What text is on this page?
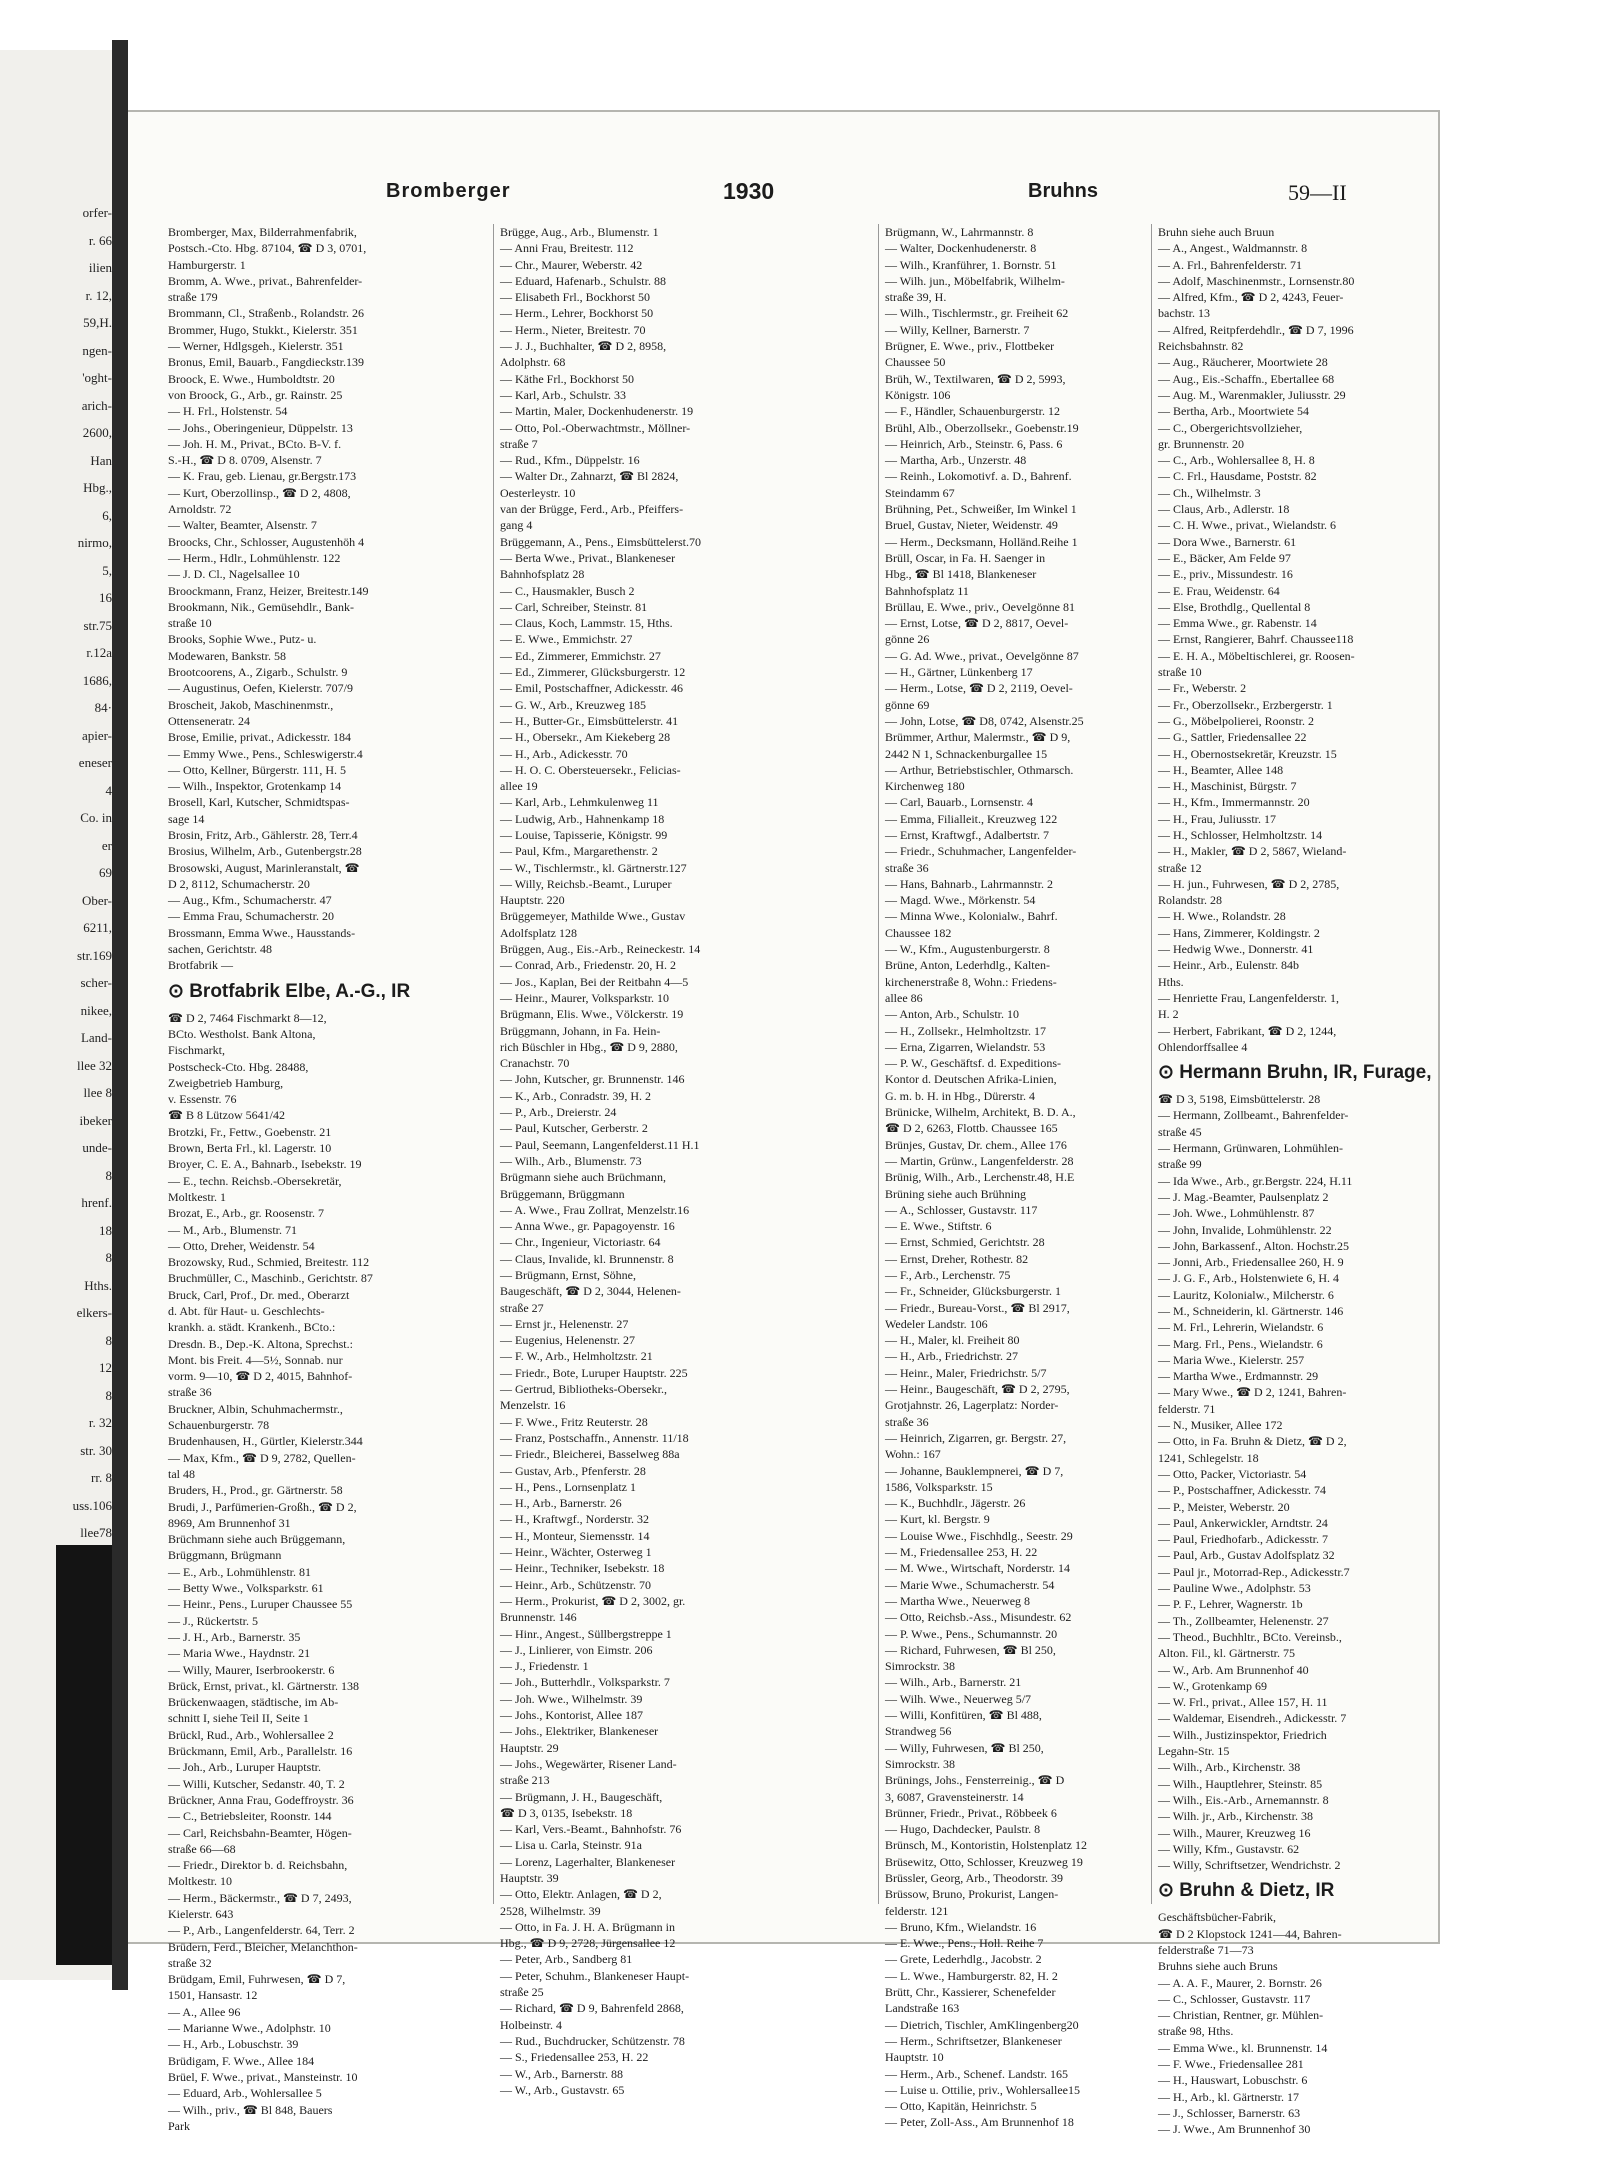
orfer-
r. 66
ilien
r. 12,
59,H.
ngen-
'oght-
arich-
2600,
Han
Hbg.,
6,
nirmo,
5,
16
str.75
r.12a
1686,
84·
apier-
eneser
4
Co. in
er
69
Ober-
6211,
str.169
scher-
nikee,
Land-
llee 32
llee 8
ibeker
unde-
8
hrenf.
18
8
Hths.
elkers-
8
12
8
r. 32
str. 30
rr. 8
uss.106
llee78
Bromberger	1930	Bruhns	59—II
Bromberger, Max, Bilderrahmenfabrik,
Postsch.-Cto. Hbg. 87104, ☎ D 3, 0701,
Hamburgerstr. 1
Bromm, A. Wwe., privat., Bahrenfelder-
straße 179
Brommann, Cl., Straßenb., Rolandstr. 26
Brommer, Hugo, Stukkt., Kielerstr. 351
— Werner, Hdlgsgeh., Kielerstr. 351
Bronus, Emil, Bauarb., Fangdieckstr.139
Broock, E. Wwe., Humboldtstr. 20
von Broock, G., Arb., gr. Rainstr. 25
— H. Frl., Holstenstr. 54
— Johs., Oberingenieur, Düppelstr. 13
— Joh. H. M., Privat., BCto. B-V. f.
S.-H., ☎ D 8. 0709, Alsenstr. 7
— K. Frau, geb. Lienau, gr.Bergstr.173
— Kurt, Oberzollinsp., ☎ D 2, 4808,
Arnoldstr. 72
— Walter, Beamter, Alsenstr. 7
Broocks, Chr., Schlosser, Augustenhöh 4
— Herm., Hdlr., Lohmühlenstr. 122
— J. D. Cl., Nagelsallee 10
Broockmann, Franz, Heizer, Breitestr.149
Brookmann, Nik., Gemüsehdlr., Bank-
straße 10
Brooks, Sophie Wwe., Putz- u.
Modewaren, Bankstr. 58
Brootcoorens, A., Zigarb., Schulstr. 9
— Augustinus, Oefen, Kielerstr. 707/9
Broscheit, Jakob, Maschinenmstr.,
Ottenseneratr. 24
Brose, Emilie, privat., Adickesstr. 184
— Emmy Wwe., Pens., Schleswigerstr.4
— Otto, Kellner, Bürgerstr. 111, H. 5
— Wilh., Inspektor, Grotenkamp 14
Brosell, Karl, Kutscher, Schmidtspas-
sage 14
Brosin, Fritz, Arb., Gählerstr. 28, Terr.4
Brosius, Wilhelm, Arb., Gutenbergstr.28
Brosowski, August, Marinleranstalt, ☎
D 2, 8112, Schumacherstr. 20
— Aug., Kfm., Schumacherstr. 47
— Emma Frau, Schumacherstr. 20
Brossmann, Emma Wwe., Hausstands-
sachen, Gerichtstr. 48
Brotfabrik —
⊙ Brotfabrik Elbe, A.-G., IR
☎ D 2, 7464 Fischmarkt 8—12,
BCto. Westholst. Bank Altona,
Fischmarkt,
Postscheck-Cto. Hbg. 28488,
Zweigbetrieb Hamburg,
v. Essenstr. 76
☎ B 8 Lützow 5641/42
Brotzki, Fr., Fettw., Goebenstr. 21
Brown, Berta Frl., kl. Lagerstr. 10
Broyer, C. E. A., Bahnarb., Isebekstr. 19
— E., techn. Reichsb.-Obersekretär,
Moltkestr. 1
Brozat, E., Arb., gr. Roosenstr. 7
— M., Arb., Blumenstr. 71
— Otto, Dreher, Weidenstr. 54
Brozowsky, Rud., Schmied, Breitestr. 112
Bruchmüller, C., Maschinb., Gerichtstr. 87
Bruck, Carl, Prof., Dr. med., Oberarzt
d. Abt. für Haut- u. Geschlechts-
krankh. a. städt. Krankenh., BCto.:
Dresdn. B., Dep.-K. Altona, Sprechst.:
Mont. bis Freit. 4—5½, Sonnab. nur
vorm. 9—10, ☎ D 2, 4015, Bahnhof-
straße 36
Bruckner, Albin, Schuhmachermstr.,
Schauenburgerstr. 78
Brudenhausen, H., Gürtler, Kielerstr.344
— Max, Kfm., ☎ D 9, 2782, Quellen-
tal 48
Bruders, H., Prod., gr. Gärtnerstr. 58
Brudi, J., Parfümerien-Großh., ☎ D 2,
8969, Am Brunnenhof 31
Brüchmann siehe auch Brüggemann,
Brüggmann, Brügmann
— E., Arb., Lohmühlenstr. 81
— Betty Wwe., Volksparkstr. 61
— Heinr., Pens., Luruper Chaussee 55
— J., Rückertstr. 5
— J. H., Arb., Barnerstr. 35
— Maria Wwe., Haydnstr. 21
— Willy, Maurer, Iserbrookerstr. 6
Brück, Ernst, privat., kl. Gärtnerstr. 138
Brückenwaagen, städtische, im Ab-
schnitt I, siehe Teil II, Seite 1
Brückl, Rud., Arb., Wohlersallee 2
Brückmann, Emil, Arb., Parallelstr. 16
— Joh., Arb., Luruper Hauptstr.
— Willi, Kutscher, Sedanstr. 40, T. 2
Brückner, Anna Frau, Godeffroystr. 36
— C., Betriebsleiter, Roonstr. 144
— Carl, Reichsbahn-Beamter, Högen-
straße 66—68
— Friedr., Direktor b. d. Reichsbahn,
Moltkestr. 10
— Herm., Bäckermstr., ☎ D 7, 2493,
Kielerstr. 643
— P., Arb., Langenfelderstr. 64, Terr. 2
Brüdern, Ferd., Bleicher, Melanchthon-
straße 32
Brüdgam, Emil, Fuhrwesen, ☎ D 7,
1501, Hansastr. 12
— A., Allee 96
— Marianne Wwe., Adolphstr. 10
— H., Arb., Lobuschstr. 39
Brüdigam, F. Wwe., Allee 184
Brüel, F. Wwe., privat., Mansteinstr. 10
— Eduard, Arb., Wohlersallee 5
— Wilh., priv., ☎ Bl 848, Bauers
Park
Brügge, Aug., Arb., Blumenstr. 1
— Anni Frau, Breitestr. 112
— Chr., Maurer, Weberstr. 42
— Eduard, Hafenarb., Schulstr. 88
— Elisabeth Frl., Bockhorst 50
— Herm., Lehrer, Bockhorst 50
— Herm., Nieter, Breitestr. 70
— J. J., Buchhalter, ☎ D 2, 8958,
Adolphstr. 68
— Käthe Frl., Bockhorst 50
— Karl, Arb., Schulstr. 33
— Martin, Maler, Dockenhudenerstr. 19
— Otto, Pol.-Oberwachtmstr., Möllner-
straße 7
— Rud., Kfm., Düppelstr. 16
— Walter Dr., Zahnarzt, ☎ Bl 2824,
Oesterleystr. 10
van der Brügge, Ferd., Arb., Pfeiffers-
gang 4
Brüggemann, A., Pens., Eimsbüttelerst.70
— Berta Wwe., Privat., Blankeneser
Bahnhofsplatz 28
— C., Hausmakler, Busch 2
— Carl, Schreiber, Steinstr. 81
— Claus, Koch, Lammstr. 15, Hths.
— E. Wwe., Emmichstr. 27
— Ed., Zimmerer, Emmichstr. 27
— Ed., Zimmerer, Glücksburgerstr. 12
— Emil, Postschaffner, Adickesstr. 46
— G. W., Arb., Kreuzweg 185
— H., Butter-Gr., Eimsbüttelerstr. 41
— H., Obersekr., Am Kiekeberg 28
— H., Arb., Adickesstr. 70
— H. O. C. Obersteuersekr., Felicias-
allee 19
— Karl, Arb., Lehmkulenweg 11
— Ludwig, Arb., Hahnenkamp 18
— Louise, Tapisserie, Königstr. 99
— Paul, Kfm., Margarethenstr. 2
— W., Tischlermstr., kl. Gärtnerstr.127
— Willy, Reichsb.-Beamt., Luruper
Hauptstr. 220
Brüggemeyer, Mathilde Wwe., Gustav
Adolfsplatz 128
Brüggen, Aug., Eis.-Arb., Reineckestr. 14
— Conrad, Arb., Friedenstr. 20, H. 2
— Jos., Kaplan, Bei der Reitbahn 4—5
— Heinr., Maurer, Volksparkstr. 10
Brügmann, Elis. Wwe., Völckerstr. 19
Brüggmann, Johann, in Fa. Hein-
rich Büschler in Hbg., ☎ D 9, 2880,
Cranachstr. 70
— John, Kutscher, gr. Brunnenstr. 146
— K., Arb., Conradstr. 39, H. 2
— P., Arb., Dreierstr. 24
— Paul, Kutscher, Gerberstr. 2
— Paul, Seemann, Langenfelderst.11 H.1
— Wilh., Arb., Blumenstr. 73
Brügmann siehe auch Brüchmann,
Brüggemann, Brüggmann
— A. Wwe., Frau Zollrat, Menzelstr.16
— Anna Wwe., gr. Papagoyenstr. 16
— Chr., Ingenieur, Victoriastr. 64
— Claus, Invalide, kl. Brunnenstr. 8
— Brügmann, Ernst, Söhne,
Baugeschäft, ☎ D 2, 3044, Helenen-
straße 27
— Ernst jr., Helenenstr. 27
— Eugenius, Helenenstr. 27
— F. W., Arb., Helmholtzstr. 21
— Friedr., Bote, Luruper Hauptstr. 225
— Gertrud, Bibliotheks-Obersekr.,
Menzelstr. 16
— F. Wwe., Fritz Reuterstr. 28
— Franz, Postschaffn., Annenstr. 11/18
— Friedr., Bleicherei, Basselweg 88a
— Gustav, Arb., Pfenferstr. 28
— H., Pens., Lornsenplatz 1
— H., Arb., Barnerstr. 26
— H., Kraftwgf., Norderstr. 32
— H., Monteur, Siemensstr. 14
— Heinr., Wächter, Osterweg 1
— Heinr., Techniker, Isebekstr. 18
— Heinr., Arb., Schützenstr. 70
— Herm., Prokurist, ☎ D 2, 3002, gr.
Brunnenstr. 146
— Hinr., Angest., Süllbergstreppe 1
— J., Linlierer, von Eimstr. 206
— J., Friedenstr. 1
— Joh., Butterhdlr., Volksparkstr. 7
— Joh. Wwe., Wilhelmstr. 39
— Johs., Kontorist, Allee 187
— Johs., Elektriker, Blankeneser
Hauptstr. 29
— Johs., Wegewärter, Risener Land-
straße 213
— Brügmann, J. H., Baugeschäft,
☎ D 3, 0135, Isebekstr. 18
— Karl, Vers.-Beamt., Bahnhofstr. 76
— Lisa u. Carla, Steinstr. 91a
— Lorenz, Lagerhalter, Blankeneser
Hauptstr. 39
— Otto, Elektr. Anlagen, ☎ D 2,
2528, Wilhelmstr. 39
— Otto, in Fa. J. H. A. Brügmann in
Hbg., ☎ D 9, 2728, Jürgensallee 12
— Peter, Arb., Sandberg 81
— Peter, Schuhm., Blankeneser Haupt-
straße 25
— Richard, ☎ D 9, Bahrenfeld 2868,
Holbeinstr. 4
— Rud., Buchdrucker, Schützenstr. 78
— S., Friedensallee 253, H. 22
— W., Arb., Barnerstr. 88
— W., Arb., Gustavstr. 65
Brügmann, W., Lahrmannstr. 8
— Walter, Dockenhudenerstr. 8
— Wilh., Kranführer, 1. Bornstr. 51
— Wilh. jun., Möbelfabrik, Wilhelm-
straße 39, H.
— Wilh., Tischlermstr., gr. Freiheit 62
— Willy, Kellner, Barnerstr. 7
Brügner, E. Wwe., priv., Flottbeker
Chaussee 50
Brüh, W., Textilwaren, ☎ D 2, 5993,
Königstr. 106
— F., Händler, Schauenburgerstr. 12
Brühl, Alb., Oberzollsekr., Goebenstr.19
— Heinrich, Arb., Steinstr. 6, Pass. 6
— Martha, Arb., Unzerstr. 48
— Reinh., Lokomotivf. a. D., Bahrenf.
Steindamm 67
Brühning, Pet., Schweißer, Im Winkel 1
Bruel, Gustav, Nieter, Weidenstr. 49
— Herm., Decksmann, Holländ.Reihe 1
Brüll, Oscar, in Fa. H. Saenger in
Hbg., ☎ Bl 1418, Blankeneser
Bahnhofsplatz 11
Brüllau, E. Wwe., priv., Oevelgönne 81
— Ernst, Lotse, ☎ D 2, 8817, Oevel-
gönne 26
— G. Ad. Wwe., privat., Oevelgönne 87
— H., Gärtner, Lünkenberg 17
— Herm., Lotse, ☎ D 2, 2119, Oevel-
gönne 69
— John, Lotse, ☎ D8, 0742, Alsenstr.25
Brümmer, Arthur, Malermstr., ☎ D 9,
2442 N 1, Schnackenburgallee 15
— Arthur, Betriebstischler, Othmarsch.
Kirchenweg 180
— Carl, Bauarb., Lornsenstr. 4
— Emma, Filialleit., Kreuzweg 122
— Ernst, Kraftwgf., Adalbertstr. 7
— Friedr., Schuhmacher, Langenfelder-
straße 36
— Hans, Bahnarb., Lahrmannstr. 2
— Magd. Wwe., Mörkenstr. 54
— Minna Wwe., Kolonialw., Bahrf.
Chaussee 182
— W., Kfm., Augustenburgerstr. 8
Brüne, Anton, Lederhdlg., Kalten-
kirchenerstraße 8, Wohn.: Friedens-
allee 86
— Anton, Arb., Schulstr. 10
— H., Zollsekr., Helmholtzstr. 17
— Erna, Zigarren, Wielandstr. 53
— P. W., Geschäftsf. d. Expeditions-
Kontor d. Deutschen Afrika-Linien,
G. m. b. H. in Hbg., Dürerstr. 4
Brünicke, Wilhelm, Architekt, B. D. A.,
☎ D 2, 6263, Flottb. Chaussee 165
Brünjes, Gustav, Dr. chem., Allee 176
— Martin, Grünw., Langenfelderstr. 28
Brünig, Wilh., Arb., Lerchenstr.48, H.E
Brüning siehe auch Brühning
— A., Schlosser, Gustavstr. 117
— E. Wwe., Stiftstr. 6
— Ernst, Schmied, Gerichtstr. 28
— Ernst, Dreher, Rothestr. 82
— F., Arb., Lerchenstr. 75
— Fr., Schneider, Glücksburgerstr. 1
— Friedr., Bureau-Vorst., ☎ Bl 2917,
Wedeler Landstr. 106
— H., Maler, kl. Freiheit 80
— H., Arb., Friedrichstr. 27
— Heinr., Maler, Friedrichstr. 5/7
— Heinr., Baugeschäft, ☎ D 2, 2795,
Grotjahnstr. 26, Lagerplatz: Norder-
straße 36
— Heinrich, Zigarren, gr. Bergstr. 27,
Wohn.: 167
— Johanne, Bauklempnerei, ☎ D 7,
1586, Volksparkstr. 15
— K., Buchhdlr., Jägerstr. 26
— Kurt, kl. Bergstr. 9
— Louise Wwe., Fischhdlg., Seestr. 29
— M., Friedensallee 253, H. 22
— M. Wwe., Wirtschaft, Norderstr. 14
— Marie Wwe., Schumacherstr. 54
— Martha Wwe., Neuerweg 8
— Otto, Reichsb.-Ass., Misundestr. 62
— P. Wwe., Pens., Schumannstr. 20
— Richard, Fuhrwesen, ☎ Bl 250,
Simrockstr. 38
— Wilh., Arb., Barnerstr. 21
— Wilh. Wwe., Neuerweg 5/7
— Willi, Konfitüren, ☎ Bl 488,
Strandweg 56
— Willy, Fuhrwesen, ☎ Bl 250,
Simrockstr. 38
Brünings, Johs., Fensterreinig., ☎ D
3, 6087, Gravensteinerstr. 14
Brünner, Friedr., Privat., Röbbeek 6
— Hugo, Dachdecker, Paulstr. 8
Brünsch, M., Kontoristin, Holstenplatz 12
Brüsewitz, Otto, Schlosser, Kreuzweg 19
Brüssler, Georg, Arb., Theodorstr. 39
Brüssow, Bruno, Prokurist, Langen-
felderstr. 121
— Bruno, Kfm., Wielandstr. 16
— E. Wwe., Pens., Holl. Reihe 7
— Grete, Lederhdlg., Jacobstr. 2
— L. Wwe., Hamburgerstr. 82, H. 2
Brütt, Chr., Kassierer, Schenefelder
Landstraße 163
— Dietrich, Tischler, AmKlingenberg20
— Herm., Schriftsetzer, Blankeneser
Hauptstr. 10
— Herm., Arb., Schenef. Landstr. 165
— Luise u. Ottilie, priv., Wohlersallee15
— Otto, Kapitän, Heinrichstr. 5
— Peter, Zoll-Ass., Am Brunnenhof 18
Bruhn siehe auch Bruun
— A., Angest., Waldmannstr. 8
— A. Frl., Bahrenfelderstr. 71
— Adolf, Maschinenmstr., Lornsenstr.80
— Alfred, Kfm., ☎ D 2, 4243, Feuer-
bachstr. 13
— Alfred, Reitpferdehdlr., ☎ D 7, 1996
Reichsbahnstr. 82
— Aug., Räucherer, Moortwiete 28
— Aug., Eis.-Schaffn., Ebertallee 68
— Aug. M., Warenmakler, Juliusstr. 29
— Bertha, Arb., Moortwiete 54
— C., Obergerichtsvollzieher,
gr. Brunnenstr. 20
— C., Arb., Wohlersallee 8, H. 8
— C. Frl., Hausdame, Poststr. 82
— Ch., Wilhelmstr. 3
— Claus, Arb., Adlerstr. 18
— C. H. Wwe., privat., Wielandstr. 6
— Dora Wwe., Barnerstr. 61
— E., Bäcker, Am Felde 97
— E., priv., Missundestr. 16
— E. Frau, Weidenstr. 64
— Else, Brothdlg., Quellental 8
— Emma Wwe., gr. Rabenstr. 14
— Ernst, Rangierer, Bahrf. Chaussee118
— E. H. A., Möbeltischlerei, gr. Roosen-
straße 10
— Fr., Weberstr. 2
— Fr., Oberzollsekr., Erzbergerstr. 1
— G., Möbelpolierei, Roonstr. 2
— G., Sattler, Friedensallee 22
— H., Obernostsekretär, Kreuzstr. 15
— H., Beamter, Allee 148
— H., Maschinist, Bürgstr. 7
— H., Kfm., Immermannstr. 20
— H., Frau, Juliusstr. 17
— H., Schlosser, Helmholtzstr. 14
— H., Makler, ☎ D 2, 5867, Wieland-
straße 12
— H. jun., Fuhrwesen, ☎ D 2, 2785,
Rolandstr. 28
— H. Wwe., Rolandstr. 28
— Hans, Zimmerer, Koldingstr. 2
— Hedwig Wwe., Donnerstr. 41
— Heinr., Arb., Eulenstr. 84b
Hths.
— Henriette Frau, Langenfelderstr. 1,
H. 2
— Herbert, Fabrikant, ☎ D 2, 1244,
Ohlendorffsallee 4
⊙ Hermann Bruhn, IR, Furage,
☎ D 3, 5198, Eimsbüttelerstr. 28
— Hermann, Zollbeamt., Bahrenfelder-
straße 45
— Hermann, Grünwaren, Lohmühlen-
straße 99
— Ida Wwe., Arb., gr.Bergstr. 224, H.11
— J. Mag.-Beamter, Paulsenplatz 2
— Joh. Wwe., Lohmühlenstr. 87
— John, Invalide, Lohmühlenstr. 22
— John, Barkassenf., Alton. Hochstr.25
— Jonni, Arb., Friedensallee 260, H. 9
— J. G. F., Arb., Holstenwiete 6, H. 4
— Lauritz, Kolonialw., Milcherstr. 6
— M., Schneiderin, kl. Gärtnerstr. 146
— M. Frl., Lehrerin, Wielandstr. 6
— Marg. Frl., Pens., Wielandstr. 6
— Maria Wwe., Kielerstr. 257
— Martha Wwe., Erdmannstr. 29
— Mary Wwe., ☎ D 2, 1241, Bahren-
felderstr. 71
— N., Musiker, Allee 172
— Otto, in Fa. Bruhn & Dietz, ☎ D 2,
1241, Schlegelstr. 18
— Otto, Packer, Victoriastr. 54
— P., Postschaffner, Adickesstr. 74
— P., Meister, Weberstr. 20
— Paul, Ankerwickler, Arndtstr. 24
— Paul, Friedhofarb., Adickesstr. 7
— Paul, Arb., Gustav Adolfsplatz 32
— Paul jr., Motorrad-Rep., Adickesstr.7
— Pauline Wwe., Adolphstr. 53
— P. F., Lehrer, Wagnerstr. 1b
— Th., Zollbeamter, Helenenstr. 27
— Theod., Buchhltr., BCto. Vereinsb.,
Alton. Fil., kl. Gärtnerstr. 75
— W., Arb. Am Brunnenhof 40
— W., Grotenkamp 69
— W. Frl., privat., Allee 157, H. 11
— Waldemar, Eisendreh., Adickesstr. 7
— Wilh., Justizinspektor, Friedrich
Legahn-Str. 15
— Wilh., Arb., Kirchenstr. 38
— Wilh., Hauptlehrer, Steinstr. 85
— Wilh., Eis.-Arb., Arnemannstr. 8
— Wilh. jr., Arb., Kirchenstr. 38
— Wilh., Maurer, Kreuzweg 16
— Willy, Kfm., Gustavstr. 62
— Willy, Schriftsetzer, Wendrichstr. 2
⊙ Bruhn & Dietz, IR
Geschäftsbücher-Fabrik,
☎ D 2 Klopstock 1241—44, Bahren-
felderstraße 71—73
Bruhns siehe auch Bruns
— A. A. F., Maurer, 2. Bornstr. 26
— C., Schlosser, Gustavstr. 117
— Christian, Rentner, gr. Mühlen-
straße 98, Hths.
— Emma Wwe., kl. Brunnenstr. 14
— F. Wwe., Friedensallee 281
— H., Hauswart, Lobuschstr. 6
— H., Arb., kl. Gärtnerstr. 17
— J., Schlosser, Barnerstr. 63
— J. Wwe., Am Brunnenhof 30
